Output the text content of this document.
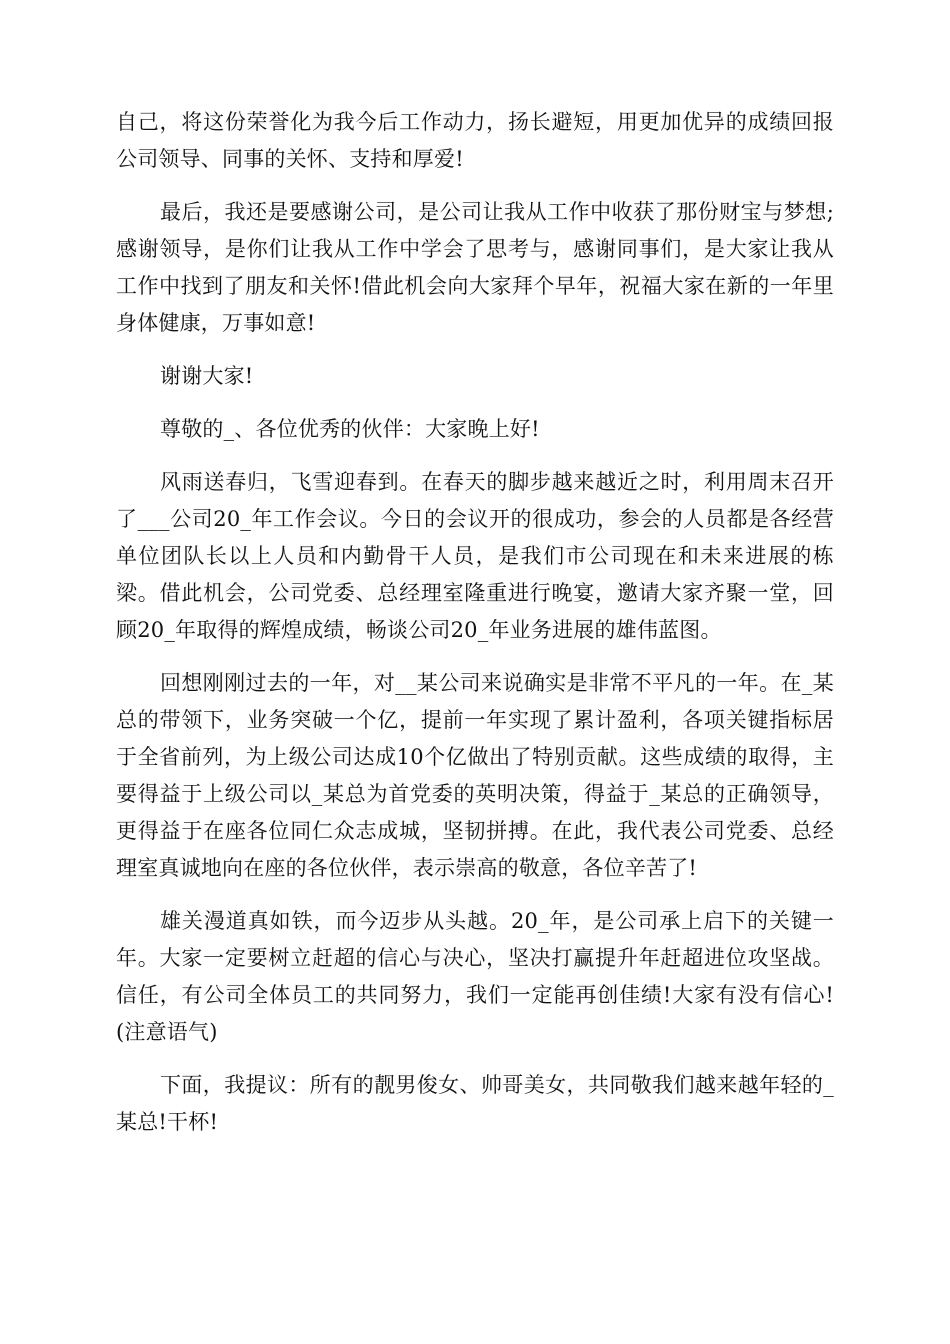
自己，将这份荣誉化为我今后工作动力，扬长避短，用更加优异的成绩回报公司领导、同事的关怀、支持和厚爱!

最后，我还是要感谢公司，是公司让我从工作中收获了那份财宝与梦想;感谢领导，是你们让我从工作中学会了思考与，感谢同事们，是大家让我从工作中找到了朋友和关怀!借此机会向大家拜个早年，祝福大家在新的一年里身体健康，万事如意!

谢谢大家!

尊敬的_、各位优秀的伙伴：大家晚上好!

风雨送春归，飞雪迎春到。在春天的脚步越来越近之时，利用周末召开了___公司20_年工作会议。今日的会议开的很成功，参会的人员都是各经营单位团队长以上人员和内勤骨干人员，是我们市公司现在和未来进展的栋梁。借此机会，公司党委、总经理室隆重进行晚宴，邀请大家齐聚一堂，回顾20_年取得的辉煌成绩，畅谈公司20_年业务进展的雄伟蓝图。

回想刚刚过去的一年，对__某公司来说确实是非常不平凡的一年。在_某总的带领下，业务突破一个亿，提前一年实现了累计盈利，各项关键指标居于全省前列，为上级公司达成10个亿做出了特别贡献。这些成绩的取得，主要得益于上级公司以_某总为首党委的英明决策，得益于_某总的正确领导，更得益于在座各位同仁众志成城，坚韧拼搏。在此，我代表公司党委、总经理室真诚地向在座的各位伙伴，表示崇高的敬意，各位辛苦了!

雄关漫道真如铁，而今迈步从头越。20_年，是公司承上启下的关键一年。大家一定要树立赶超的信心与决心，坚决打赢提升年赶超进位攻坚战。信任，有公司全体员工的共同努力，我们一定能再创佳绩!大家有没有信心!(注意语气)

下面，我提议：所有的靓男俊女、帅哥美女，共同敬我们越来越年轻的_某总!干杯!
